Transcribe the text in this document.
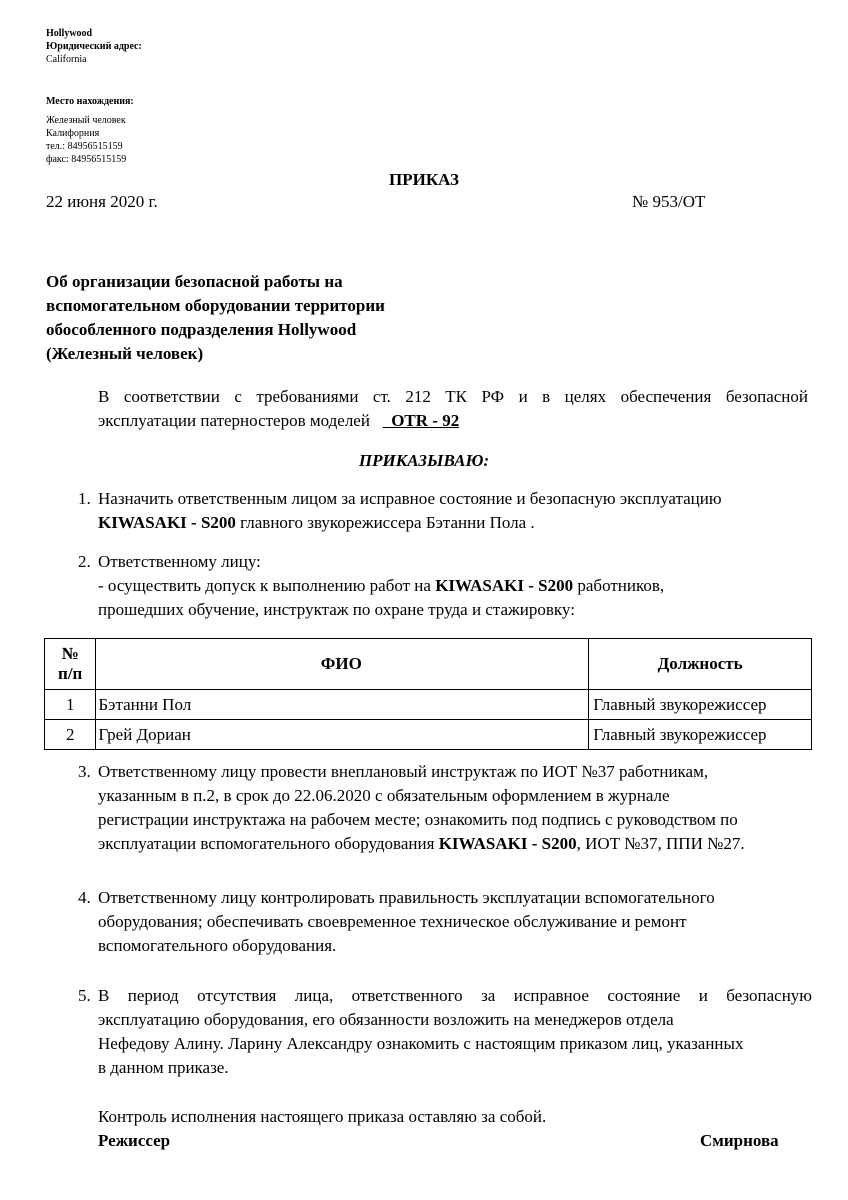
Hollywood
Юридический адрес:
California
Место нахождения:
Железный человек
Калифорния
тел.: 84956515159
факс: 84956515159
ПРИКАЗ
22 июня 2020 г.	№ 953/ОТ
Об организации безопасной работы на
вспомогательном оборудовании территории
обособленного подразделения Hollywood
(Железный человек)
В соответствии с требованиями ст. 212 ТК РФ и в целях обеспечения безопасной
эксплуатации патерностеров моделей OTR - 92
ПРИКАЗЫВАЮ:
1. Назначить ответственным лицом за исправное состояние и безопасную эксплуатацию
KIWASAKI - S200 главного звукорежиссера Бэтанни Пола .
2. Ответственному лицу:
- осуществить допуск к выполнению работ на KIWASAKI - S200 работников,
прошедших обучение, инструктаж по охране труда и стажировку:
№
п/п	ФИО	Должность
1	Бэтанни Пол	Главный звукорежиссер
2	Грей Дориан	Главный звукорежиссер
3. Ответственному лицу провести внеплановый инструктаж по ИОТ №37 работникам,
указанным в п.2, в срок до 22.06.2020 с обязательным оформлением в журнале
регистрации инструктажа на рабочем месте; ознакомить под подпись с руководством по
эксплуатации вспомогательного оборудования KIWASAKI - S200, ИОТ №37, ППИ №27.
4. Ответственному лицу контролировать правильность эксплуатации вспомогательного
оборудования; обеспечивать своевременное техническое обслуживание и ремонт
вспомогательного оборудования.
5. В период отсутствия лица, ответственного за исправное состояние и безопасную
эксплуатацию оборудования, его обязанности возложить на менеджеров отдела
Нефедову Алину. Ларину Александру ознакомить с настоящим приказом лиц, указанных
в данном приказе.
Контроль исполнения настоящего приказа оставляю за собой.
Режиссер	Смирнова
